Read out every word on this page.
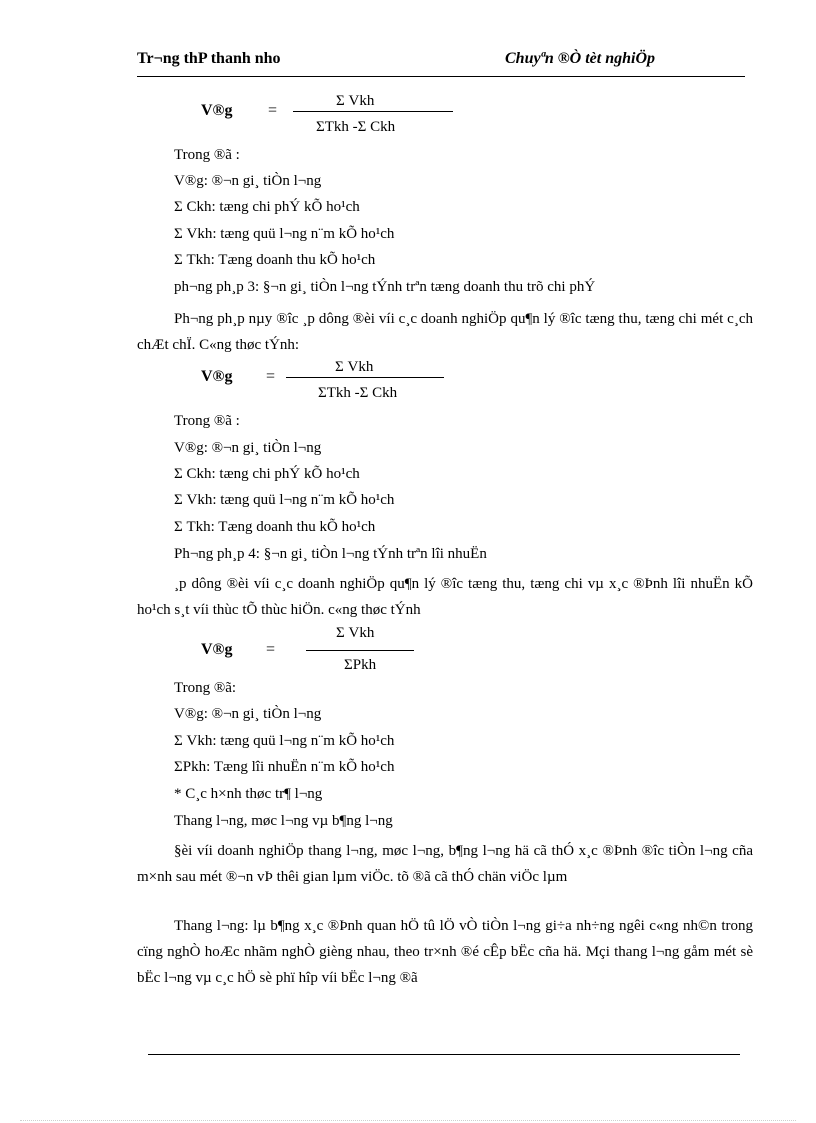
Tr¬ng thP thanh nho	Chuyªn ®Ò tèt nghiÖp
V®g =
Σ Vkh
ΣTkh -Σ Ckh
Trong ®ã :
V®g: ®¬n gi¸ tiÒn l¬ng
Σ Ckh: tæng chi phÝ kÕ ho¹ch
Σ Vkh: tæng quü l¬ng n¨m kÕ ho¹ch
Σ Tkh: Tæng doanh thu kÕ ho¹ch
ph¬ng ph¸p 3: §¬n gi¸ tiÒn l¬ng tÝnh trªn tæng doanh thu trõ chi phÝ
Ph¬ng ph¸p nµy ®îc ¸p dông ®èi víi c¸c doanh nghiÖp qu¶n lý ®îc tæng thu, tæng chi mét c¸ch chÆt chÏ. C«ng thøc tÝnh:
V®g =
Σ Vkh
ΣTkh -Σ Ckh
Trong ®ã :
V®g: ®¬n gi¸ tiÒn l¬ng
Σ Ckh: tæng chi phÝ kÕ ho¹ch
Σ Vkh: tæng quü l¬ng n¨m kÕ ho¹ch
Σ Tkh: Tæng doanh thu kÕ ho¹ch
Ph¬ng ph¸p 4: §¬n gi¸ tiÒn l¬ng tÝnh trªn lîi nhuËn
¸p dông ®èi víi c¸c doanh nghiÖp qu¶n lý ®îc tæng thu, tæng chi vµ x¸c ®Þnh lîi nhuËn kÕ ho¹ch s¸t víi thùc tÕ thùc hiÖn. c«ng thøc tÝnh
V®g =
Σ Vkh
ΣPkh
Trong ®ã:
V®g: ®¬n gi¸ tiÒn l¬ng
Σ Vkh: tæng quü l¬ng n¨m kÕ ho¹ch
ΣPkh: Tæng lîi nhuËn n¨m kÕ ho¹ch
* C¸c h×nh thøc tr¶ l¬ng
Thang l¬ng, møc l¬ng vµ b¶ng l¬ng
§èi víi doanh nghiÖp thang l¬ng, møc l¬ng, b¶ng l¬ng hä cã thÓ x¸c ®Þnh ®îc tiÒn l¬ng cña m×nh sau mét ®¬n vÞ thêi gian lµm viÖc. tõ ®ã cã thÓ chän viÖc lµm
Thang l¬ng: lµ b¶ng x¸c ®Þnh quan hÖ tû lÖ vÒ tiÒn l¬ng gi÷a nh÷ng ngêi c«ng nh©n trong cïng nghÒ hoÆc nhãm nghÒ gièng nhau, theo tr×nh ®é cÊp bËc cña hä. Mçi thang l¬ng gåm mét sè bËc l¬ng vµ c¸c hÖ sè phï hîp víi bËc l¬ng ®ã
